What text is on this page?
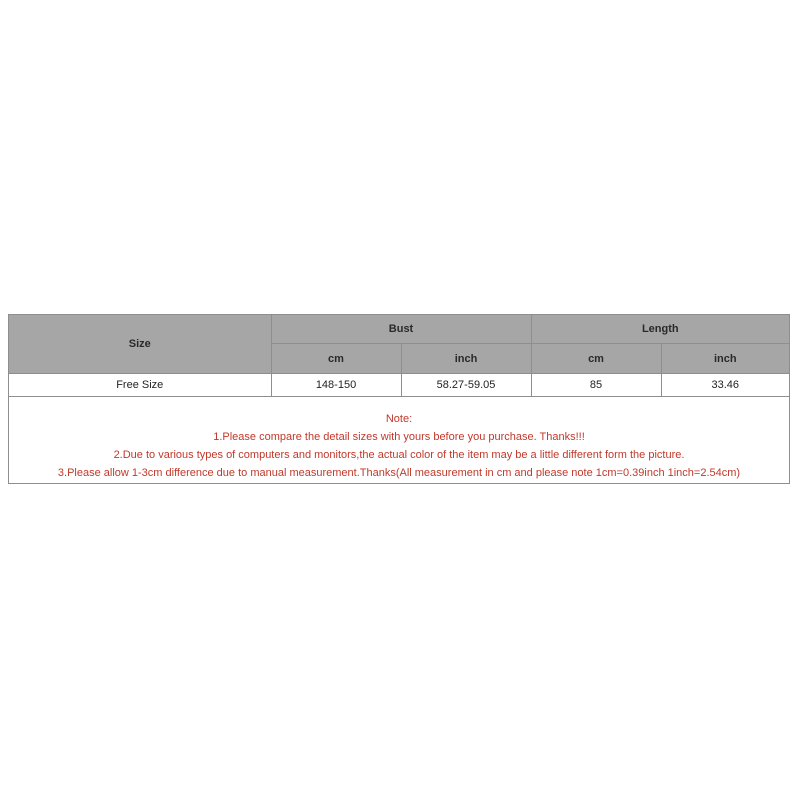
Size	Bust		Length	
	cm	inch	cm	inch
Free Size	148-150	58.27-59.05	85	33.46
Note:
1.Please compare the detail sizes with yours before you purchase. Thanks!!!
2.Due to various types of computers and monitors,the actual color of the item may be a little different form the picture.
3.Please allow 1-3cm difference due to manual measurement.Thanks(All measurement in cm and please note 1cm=0.39inch 1inch=2.54cm)
